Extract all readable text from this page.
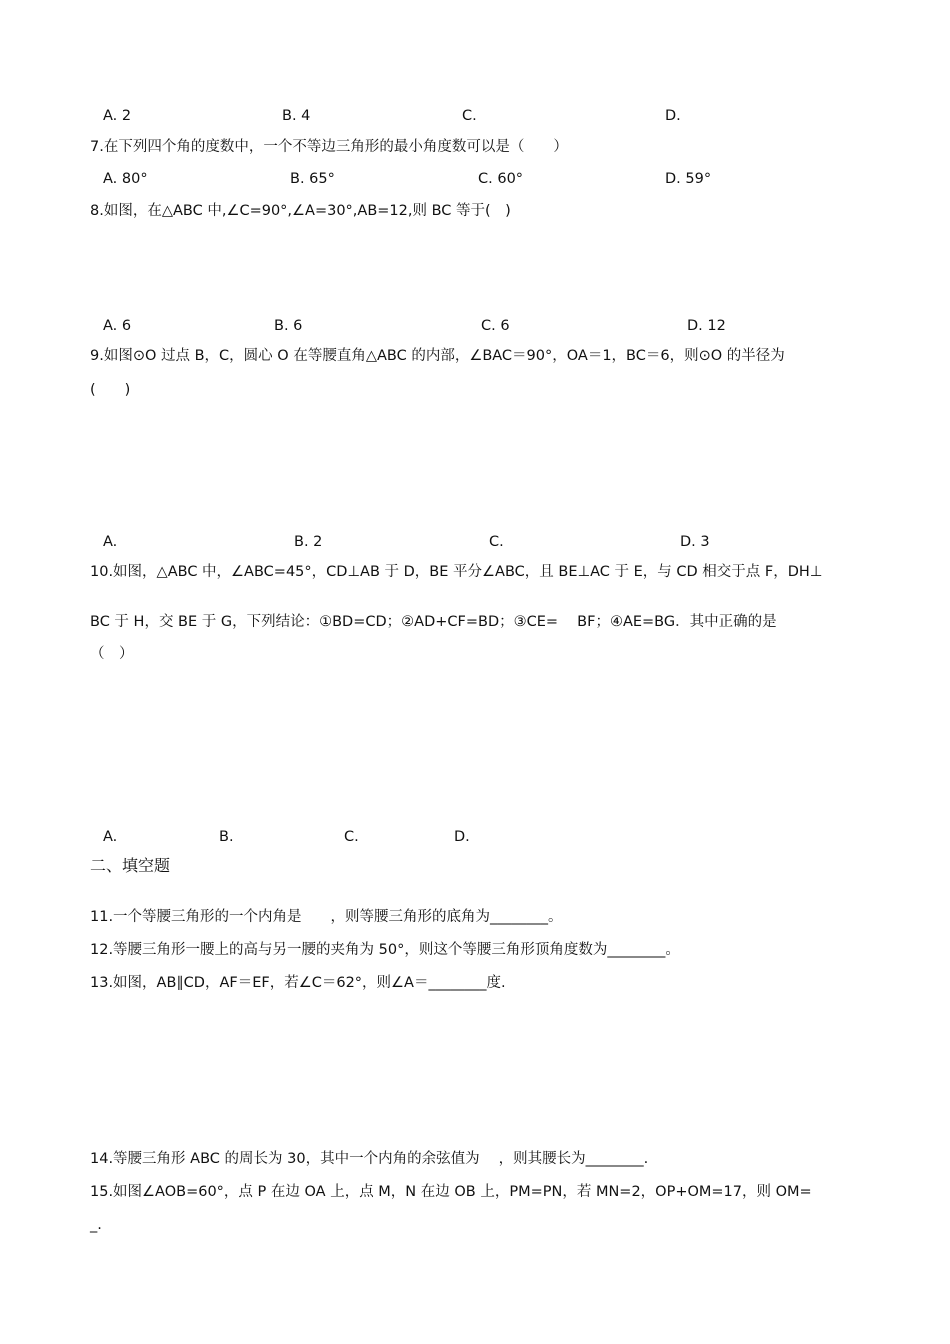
A. 2	B. 4	C.	D.
7.在下列四个角的度数中，一个不等边三角形的最小角度数可以是（　　）
A. 80°	B. 65°	C. 60°	D. 59°
8.如图，在△ABC 中,∠C=90°,∠A=30°,AB=12,则 BC 等于(　)
A. 6	B. 6	C. 6	D. 12
9.如图⊙O 过点 B，C，圆心 O 在等腰直角△ABC 的内部，∠BAC＝90°，OA＝1，BC＝6，则⊙O 的半径为
(　　)
A.	B. 2	C.	D. 3
10.如图，△ABC 中，∠ABC=45°，CD⊥AB 于 D，BE 平分∠ABC，且 BE⊥AC 于 E，与 CD 相交于点 F，DH⊥
BC 于 H，交 BE 于 G，下列结论：①BD=CD；②AD+CF=BD；③CE=　 BF；④AE=BG．其中正确的是
（　）
A.	B.	C.	D.
二、填空题
11.一个等腰三角形的一个内角是　　，则等腰三角形的底角为________。
12.等腰三角形一腰上的高与另一腰的夹角为 50°，则这个等腰三角形顶角度数为________。
13.如图，AB∥CD，AF＝EF，若∠C＝62°，则∠A＝________度.
14.等腰三角形 ABC 的周长为 30，其中一个内角的余弦值为　 ，则其腰长为________.
15.如图∠AOB=60°，点 P 在边 OA 上，点 M，N 在边 OB 上，PM=PN，若 MN=2，OP+OM=17，则 OM=
_.
